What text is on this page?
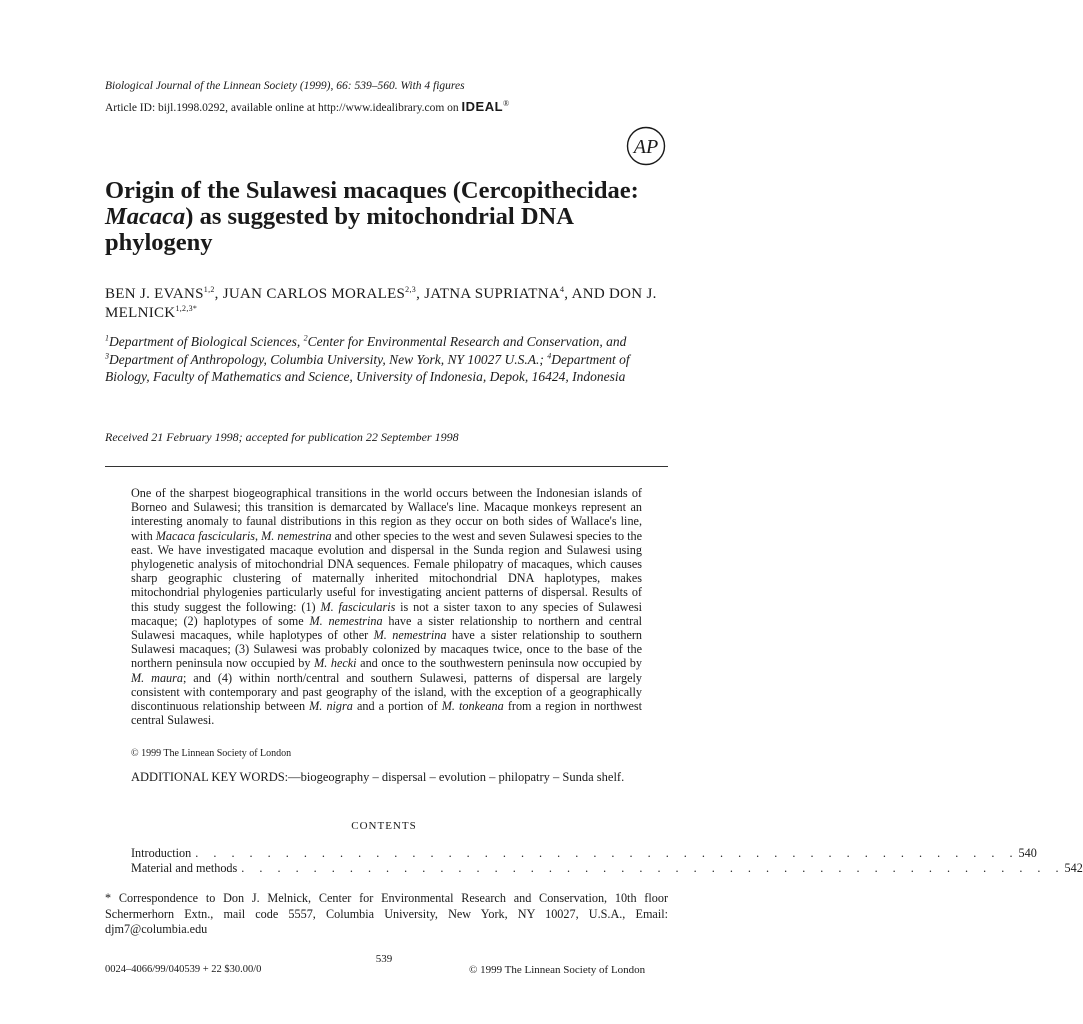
Biological Journal of the Linnean Society (1999), 66: 539–560. With 4 figures
Article ID: bijl.1998.0292, available online at http://www.idealibrary.com on IDEAL®
AP
Origin of the Sulawesi macaques (Cercopithecidae: Macaca) as suggested by mitochondrial DNA phylogeny
BEN J. EVANS$^{1,2}$, JUAN CARLOS MORALES$^{2,3}$, JATNA SUPRIATNA$^4$, AND DON J. $MELNICK^{1,2,3*}$
$^1$Department of Biological Sciences, $^2$Center for Environmental Research and Conservation, and $^3$Department of Anthropology, Columbia University, New York, NY 10027 U.S.A.; $^4$Department of Biology, Faculty of Mathematics and Science, University of Indonesia, Depok, 16424, Indonesia
Received 21 February 1998; accepted for publication 22 September 1998
One of the sharpest biogeographical transitions in the world occurs between the Indonesian islands of Borneo and Sulawesi; this transition is demarcated by Wallace's line. Macaque monkeys represent an interesting anomaly to faunal distributions in this region as they occur on both sides of Wallace's line, with Macaca fascicularis, M. nemestrina and other species to the west and seven Sulawesi species to the east. We have investigated macaque evolution and dispersal in the Sunda region and Sulawesi using phylogenetic analysis of mitochondrial DNA sequences. Female philopatry of macaques, which causes sharp geographic clustering of maternally inherited mitochondrial DNA haplotypes, makes mitochondrial phylogenies particularly useful for investigating ancient patterns of dispersal. Results of this study suggest the following: (1) M. fascicularis is not a sister taxon to any species of Sulawesi macaque; (2) haplotypes of some M. nemestrina have a sister relationship to northern and central Sulawesi macaques, while haplotypes of other M. nemestrina have a sister relationship to southern Sulawesi macaques; (3) Sulawesi was probably colonized by macaques twice, once to the base of the northern peninsula now occupied by M. hecki and once to the southwestern peninsula now occupied by M. maura; and (4) within north/central and southern Sulawesi, patterns of dispersal are largely consistent with contemporary and past geography of the island, with the exception of a geographically discontinuous relationship between M. nigra and a portion of M. tonkeana from a region in northwest central Sulawesi.
© 1999 The Linnean Society of London
ADDITIONAL KEY WORDS:—biogeography – dispersal – evolution – philopatry – Sunda shelf.
CONTENTS
Introduction . . . . . . . . . . . . . . . . . . . . . . . . . . . . . . . . . . . . . . . . . . . . . . 540
Material and methods . . . . . . . . . . . . . . . . . . . . . . . . . . . . . . . . . . . . . . . . . . . . . . 542
* Correspondence to Don J. Melnick, Center for Environmental Research and Conservation, 10th floor Schermerhorn Extn., mail code 5557, Columbia University, New York, NY 10027, U.S.A., Email: djm7@columbia.edu
539
0024–4066/99/040539 + 22 $30.00/0	© 1999 The Linnean Society of London
